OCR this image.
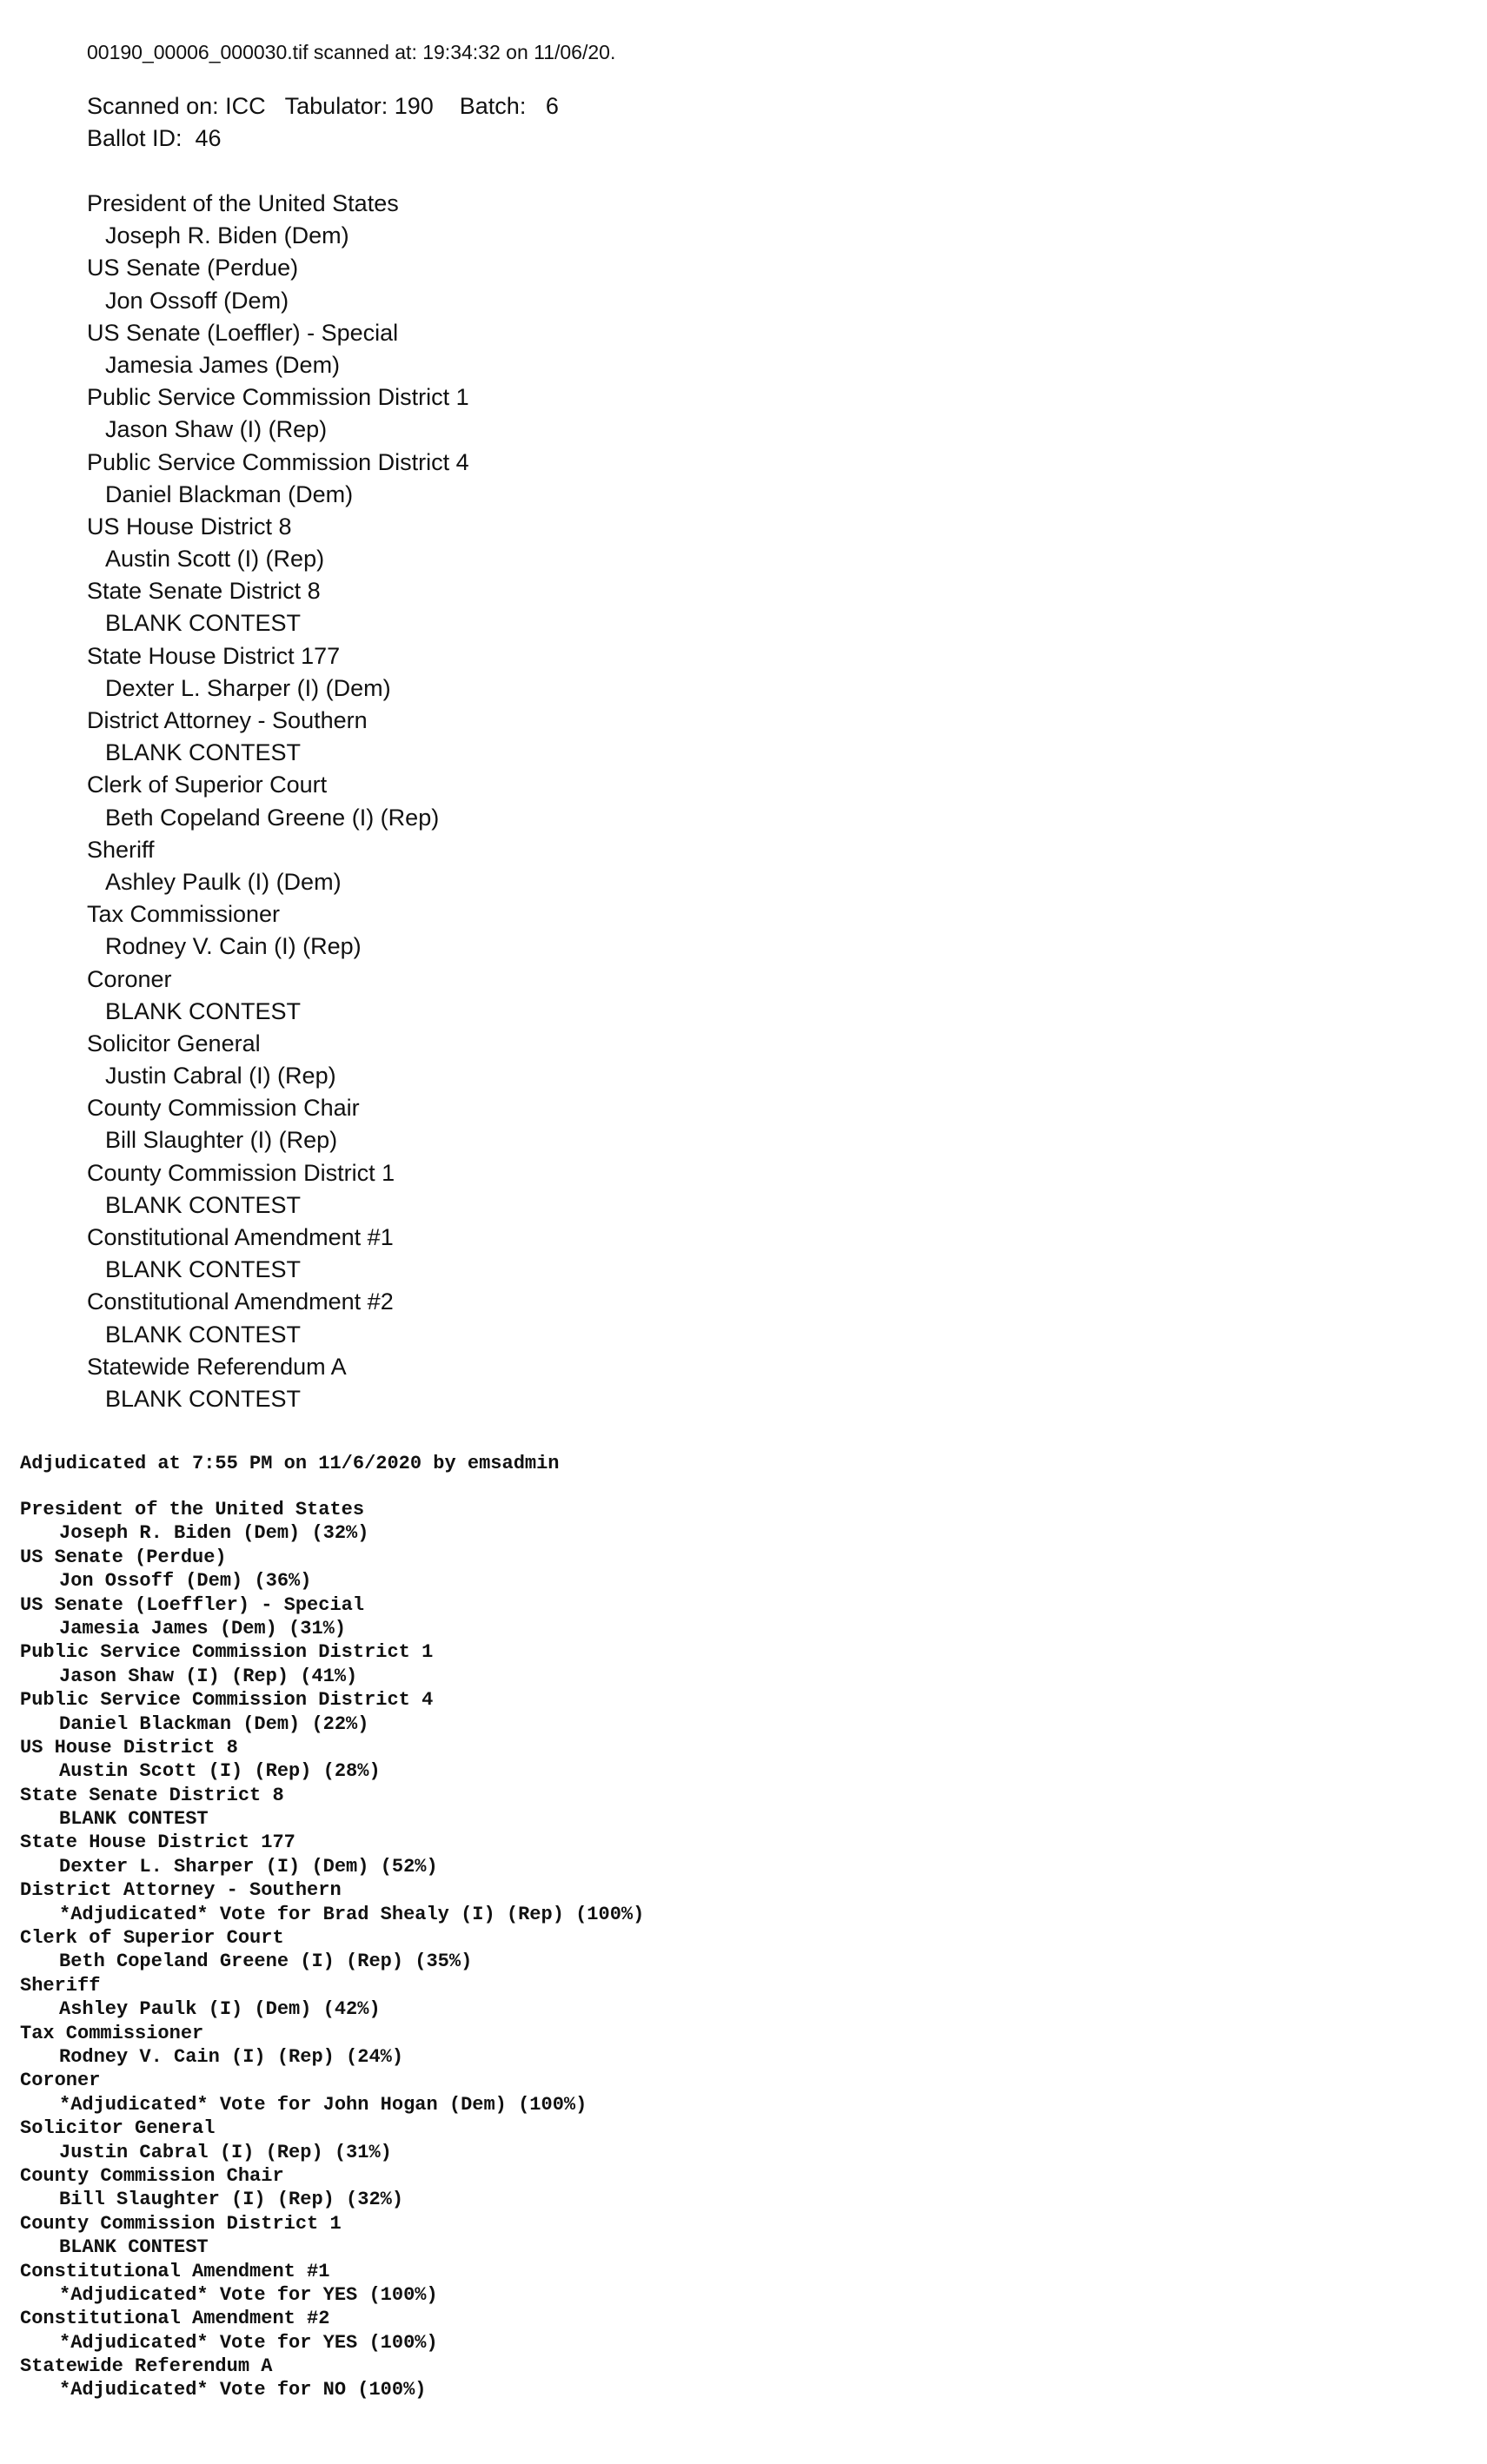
00190_00006_000030.tif scanned at: 19:34:32 on 11/06/20.
Scanned on: ICC   Tabulator: 190    Batch:   6
Ballot ID:  46
President of the United States
Joseph R. Biden (Dem)
US Senate (Perdue)
Jon Ossoff (Dem)
US Senate (Loeffler) - Special
Jamesia James (Dem)
Public Service Commission District 1
Jason Shaw (I) (Rep)
Public Service Commission District 4
Daniel Blackman (Dem)
US House District 8
Austin Scott (I) (Rep)
State Senate District 8
BLANK CONTEST
State House District 177
Dexter L. Sharper (I) (Dem)
District Attorney - Southern
BLANK CONTEST
Clerk of Superior Court
Beth Copeland Greene (I) (Rep)
Sheriff
Ashley Paulk (I) (Dem)
Tax Commissioner
Rodney V. Cain (I) (Rep)
Coroner
BLANK CONTEST
Solicitor General
Justin Cabral (I) (Rep)
County Commission Chair
Bill Slaughter (I) (Rep)
County Commission District 1
BLANK CONTEST
Constitutional Amendment #1
BLANK CONTEST
Constitutional Amendment #2
BLANK CONTEST
Statewide Referendum A
BLANK CONTEST
Adjudicated at 7:55 PM on 11/6/2020 by emsadmin
President of the United States
Joseph R. Biden (Dem) (32%)
US Senate (Perdue)
Jon Ossoff (Dem) (36%)
US Senate (Loeffler) - Special
Jamesia James (Dem) (31%)
Public Service Commission District 1
Jason Shaw (I) (Rep) (41%)
Public Service Commission District 4
Daniel Blackman (Dem) (22%)
US House District 8
Austin Scott (I) (Rep) (28%)
State Senate District 8
BLANK CONTEST
State House District 177
Dexter L. Sharper (I) (Dem) (52%)
District Attorney - Southern
*Adjudicated* Vote for Brad Shealy (I) (Rep) (100%)
Clerk of Superior Court
Beth Copeland Greene (I) (Rep) (35%)
Sheriff
Ashley Paulk (I) (Dem) (42%)
Tax Commissioner
Rodney V. Cain (I) (Rep) (24%)
Coroner
*Adjudicated* Vote for John Hogan (Dem) (100%)
Solicitor General
Justin Cabral (I) (Rep) (31%)
County Commission Chair
Bill Slaughter (I) (Rep) (32%)
County Commission District 1
BLANK CONTEST
Constitutional Amendment #1
*Adjudicated* Vote for YES (100%)
Constitutional Amendment #2
*Adjudicated* Vote for YES (100%)
Statewide Referendum A
*Adjudicated* Vote for NO (100%)
